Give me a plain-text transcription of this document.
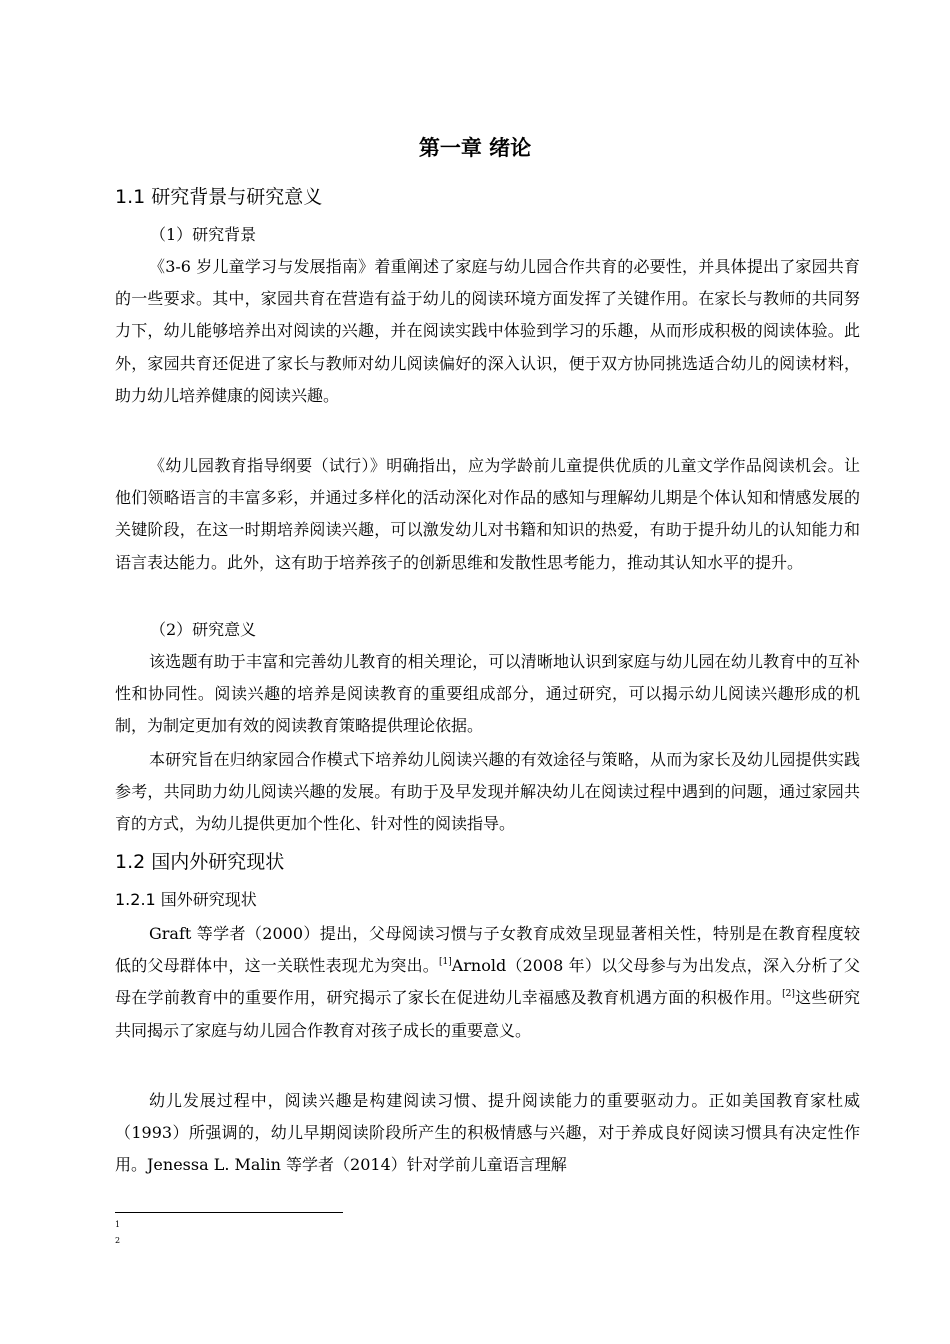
第一章 绪论
1.1 研究背景与研究意义
（1）研究背景

《3-6 岁儿童学习与发展指南》着重阐述了家庭与幼儿园合作共育的必要性，并具体提出了家园共育的一些要求。其中，家园共育在营造有益于幼儿的阅读环境方面发挥了关键作用。在家长与教师的共同努力下，幼儿能够培养出对阅读的兴趣，并在阅读实践中体验到学习的乐趣，从而形成积极的阅读体验。此外，家园共育还促进了家长与教师对幼儿阅读偏好的深入认识，便于双方协同挑选适合幼儿的阅读材料，助力幼儿培养健康的阅读兴趣。

《幼儿园教育指导纲要（试行）》明确指出，应为学龄前儿童提供优质的儿童文学作品阅读机会。让他们领略语言的丰富多彩，并通过多样化的活动深化对作品的感知与理解幼儿期是个体认知和情感发展的关键阶段，在这一时期培养阅读兴趣，可以激发幼儿对书籍和知识的热爱，有助于提升幼儿的认知能力和语言表达能力。此外，这有助于培养孩子的创新思维和发散性思考能力，推动其认知水平的提升。

（2）研究意义

该选题有助于丰富和完善幼儿教育的相关理论，可以清晰地认识到家庭与幼儿园在幼儿教育中的互补性和协同性。阅读兴趣的培养是阅读教育的重要组成部分，通过研究，可以揭示幼儿阅读兴趣形成的机制，为制定更加有效的阅读教育策略提供理论依据。

本研究旨在归纳家园合作模式下培养幼儿阅读兴趣的有效途径与策略，从而为家长及幼儿园提供实践参考，共同助力幼儿阅读兴趣的发展。有助于及早发现并解决幼儿在阅读过程中遇到的问题，通过家园共育的方式，为幼儿提供更加个性化、针对性的阅读指导。

1.2 国内外研究现状
1.2.1 国外研究现状

Graft 等学者（2000）提出，父母阅读习惯与子女教育成效呈现显著相关性，特别是在教育程度较低的父母群体中，这一关联性表现尤为突出。[1]Arnold（2008 年）以父母参与为出发点，深入分析了父母在学前教育中的重要作用，研究揭示了家长在促进幼儿幸福感及教育机遇方面的积极作用。[2]这些研究共同揭示了家庭与幼儿园合作教育对孩子成长的重要意义。

幼儿发展过程中，阅读兴趣是构建阅读习惯、提升阅读能力的重要驱动力。正如美国教育家杜威（1993）所强调的，幼儿早期阅读阶段所产生的积极情感与兴趣，对于养成良好阅读习惯具有决定性作用。Jenessa L. Malin 等学者（2014）针对学前儿童语言理解

1
2
